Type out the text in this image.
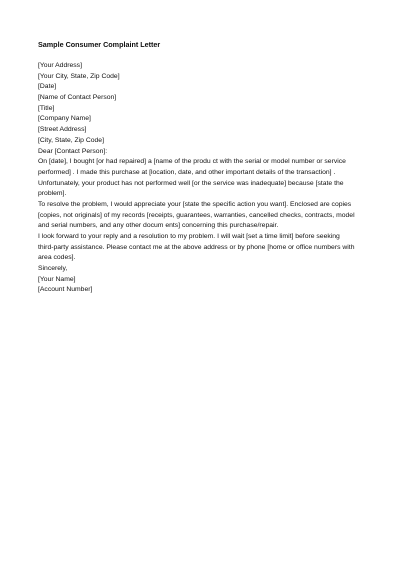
Sample Consumer Complaint Letter
[Your Address]
[Your City, State, Zip Code]
[Date]
[Name of Contact Person]
[Title]
[Company Name]
[Street Address]
[City, State, Zip Code]
Dear [Contact Person]:
On [date], I bought [or had repaired] a [name of the produ ct with the serial or model number or service
performed] . I made this purchase at [location, date, and other important details of the transaction] .
Unfortunately, your product has not performed well [or the service was inadequate] because [state the
problem].
To resolve the problem, I would appreciate your [state the specific action you want]. Enclosed are copies
[copies, not originals] of my records [receipts, guarantees, warranties, cancelled checks, contracts, model
and serial numbers, and any other docum ents] concerning this purchase/repair.
I look forward to your reply and a resolution to my problem. I will wait [set a time limit] before seeking
third-party assistance. Please contact me at the above address or by phone [home or office numbers with
area codes].
Sincerely,
[Your Name]
[Account Number]
